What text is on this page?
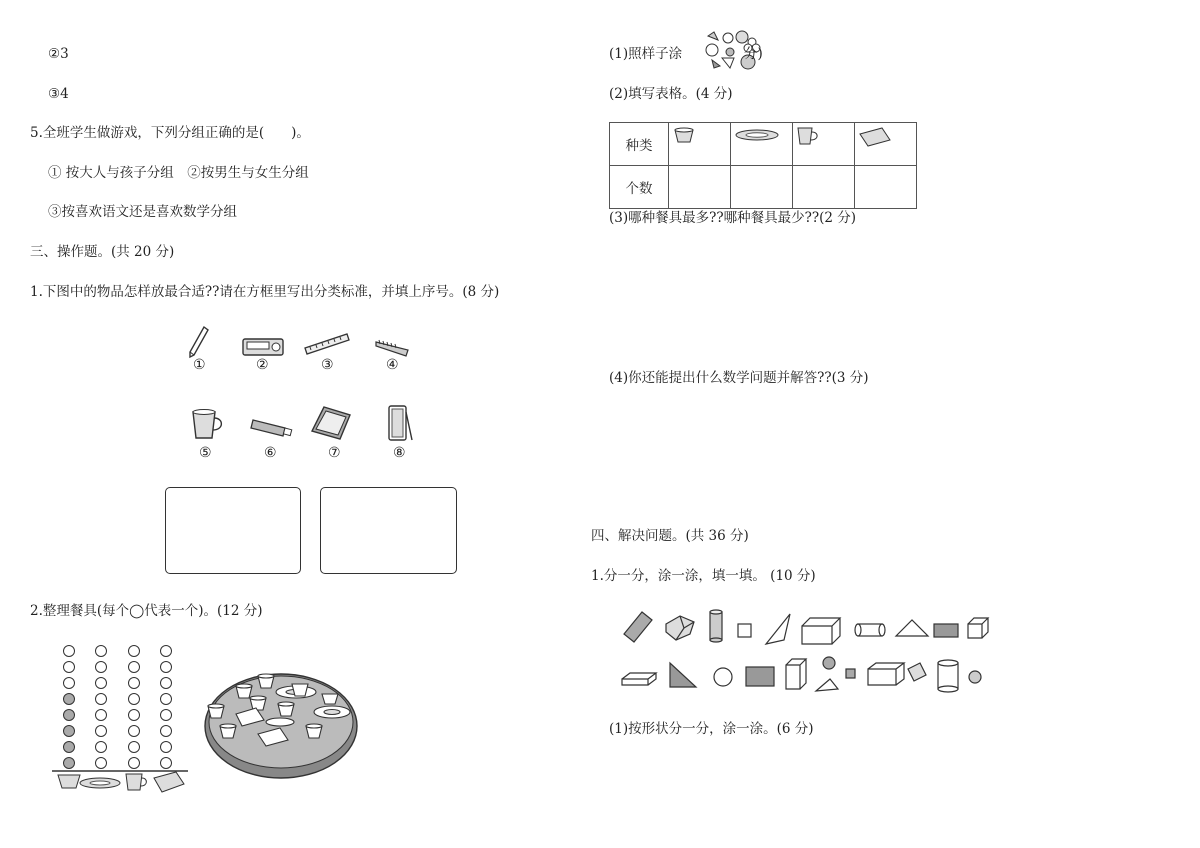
②3
③4
5.全班学生做游戏，下列分组正确的是(　　)。
① 按大人与孩子分组　②按男生与女生分组
③按喜欢语文还是喜欢数学分组
三、操作题。(共 20 分)
1.下图中的物品怎样放最合适??请在方框里写出分类标准，并填上序号。(8 分)
①	②	③	④
⑤	⑥	⑦	⑧
2.整理餐具(每个◯代表一个)。(12 分)
(1)照样子涂	分)
(2)填写表格。(4 分)
种类	

个数				
(3)哪种餐具最多??哪种餐具最少??(2 分)
(4)你还能提出什么数学问题并解答??(3 分)
四、解决问题。(共 36 分)
1.分一分，涂一涂，填一填。 (10 分)
(1)按形状分一分，涂一涂。(6 分)
